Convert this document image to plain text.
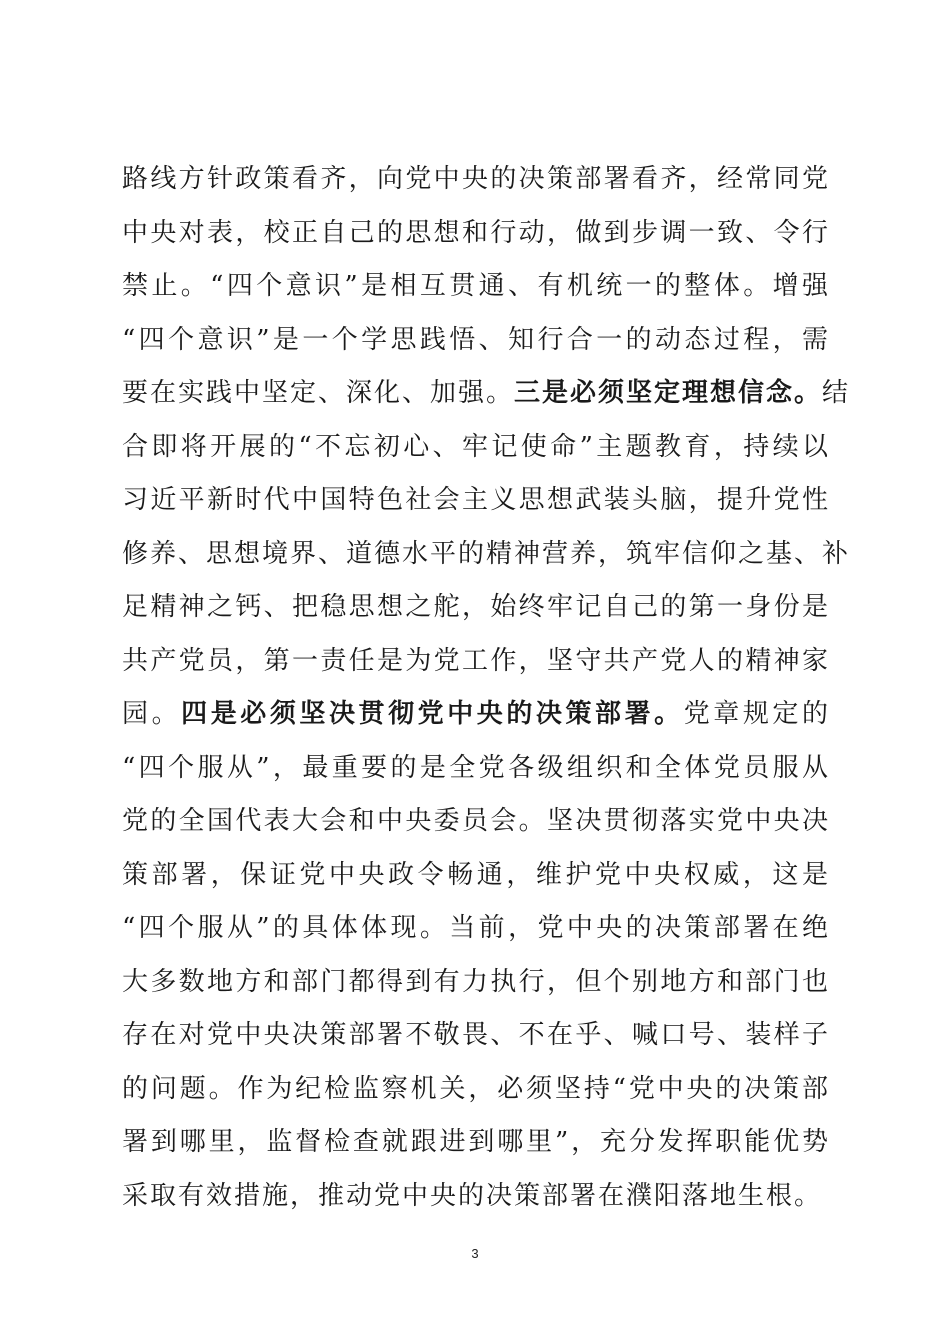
路线方针政策看齐，向党中央的决策部署看齐，经常同党
中央对表，校正自己的思想和行动，做到步调一致、令行
禁止。“四个意识”是相互贯通、有机统一的整体。增强
“四个意识”是一个学思践悟、知行合一的动态过程，需
要在实践中坚定、深化、加强。三是必须坚定理想信念。结
合即将开展的“不忘初心、牢记使命”主题教育，持续以
习近平新时代中国特色社会主义思想武装头脑，提升党性
修养、思想境界、道德水平的精神营养，筑牢信仰之基、补
足精神之钙、把稳思想之舵，始终牢记自己的第一身份是
共产党员，第一责任是为党工作，坚守共产党人的精神家
园。四是必须坚决贯彻党中央的决策部署。党章规定的
“四个服从”，最重要的是全党各级组织和全体党员服从
党的全国代表大会和中央委员会。坚决贯彻落实党中央决
策部署，保证党中央政令畅通，维护党中央权威，这是
“四个服从”的具体体现。当前，党中央的决策部署在绝
大多数地方和部门都得到有力执行，但个别地方和部门也
存在对党中央决策部署不敬畏、不在乎、喊口号、装样子
的问题。作为纪检监察机关，必须坚持“党中央的决策部
署到哪里，监督检查就跟进到哪里”，充分发挥职能优势
采取有效措施，推动党中央的决策部署在濮阳落地生根。
3
